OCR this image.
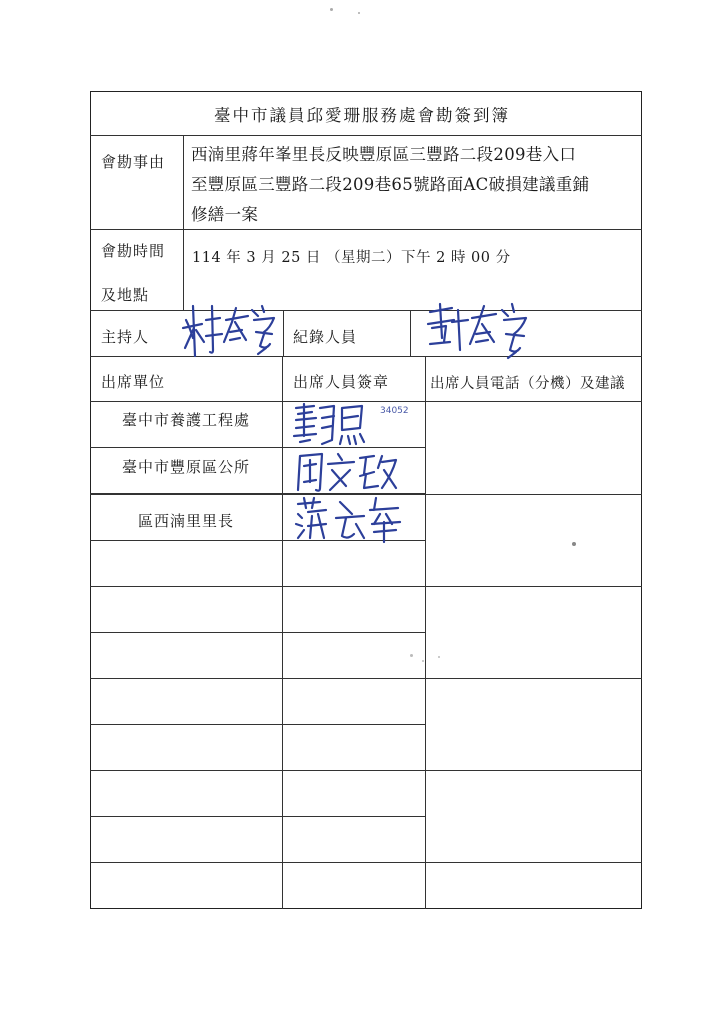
臺中市議員邱愛珊服務處會勘簽到簿
會勘事由 西湳里蔣年峯里長反映豐原區三豐路二段209巷入口
至豐原區三豐路二段209巷65號路面AC破損建議重鋪
修繕一案
會勘時間
及地點
114 年 3 月 25 日 （星期二）下午 2 時 00 分
主持人	紀錄人員
出席單位	出席人員簽章	出席人員電話（分機）及建議
臺中市養護工程處
臺中市豐原區公所
區西湳里里長
34052
